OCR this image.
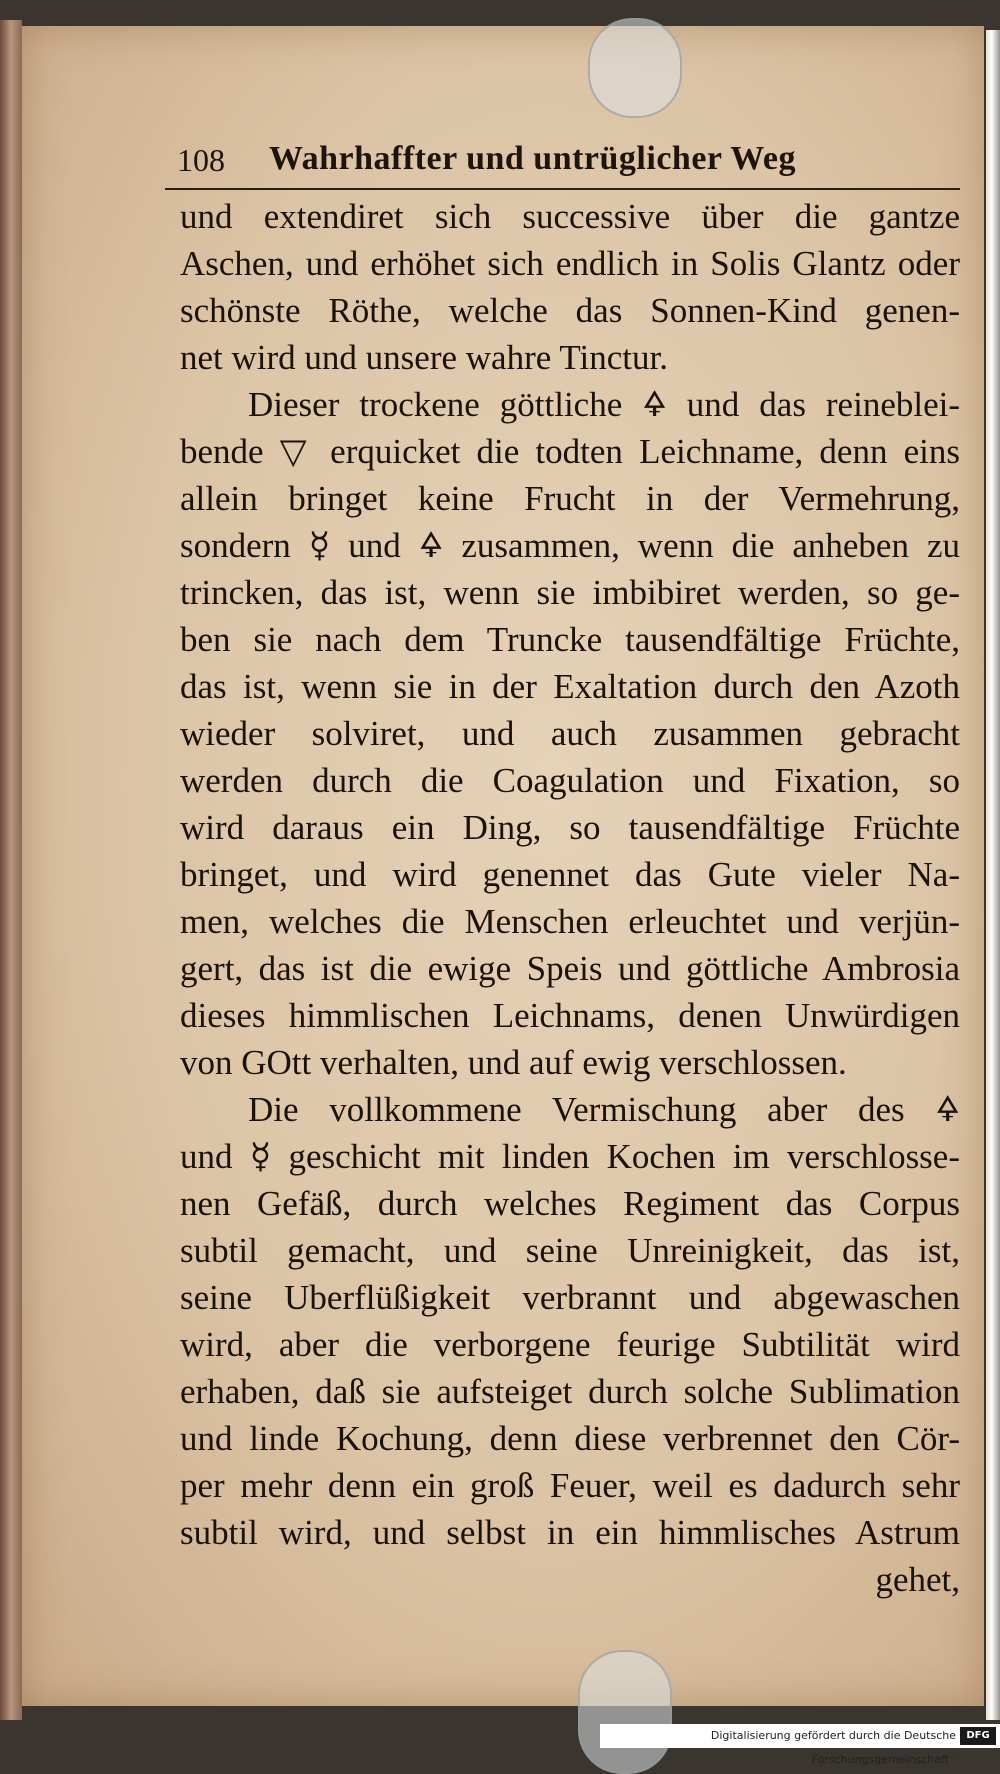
108 Wahrhaffter und untrüglicher Weg
und extendiret sich successive über die gantze
Aschen, und erhöhet sich endlich in Solis Glantz oder
schönste Röthe, welche das Sonnen-Kind genen-
net wird und unsere wahre Tinctur.
Dieser trockene göttliche 🜍 und das reineblei-
bende ▽ erquicket die todten Leichname, denn eins
allein bringet keine Frucht in der Vermehrung,
sondern ☿ und 🜍 zusammen, wenn die anheben zu
trincken, das ist, wenn sie imbibiret werden, so ge-
ben sie nach dem Truncke tausendfältige Früchte,
das ist, wenn sie in der Exaltation durch den Azoth
wieder solviret, und auch zusammen gebracht
werden durch die Coagulation und Fixation, so
wird daraus ein Ding, so tausendfältige Früchte
bringet, und wird genennet das Gute vieler Na-
men, welches die Menschen erleuchtet und verjün-
gert, das ist die ewige Speis und göttliche Ambrosia
dieses himmlischen Leichnams, denen Unwürdigen
von GOtt verhalten, und auf ewig verschlossen.
Die vollkommene Vermischung aber des 🜍
und ☿ geschicht mit linden Kochen im verschlosse-
nen Gefäß, durch welches Regiment das Corpus
subtil gemacht, und seine Unreinigkeit, das ist,
seine Uberflüßigkeit verbrannt und abgewaschen
wird, aber die verborgene feurige Subtilität wird
erhaben, daß sie aufsteiget durch solche Sublimation
und linde Kochung, denn diese verbrennet den Cör-
per mehr denn ein groß Feuer, weil es dadurch sehr
subtil wird, und selbst in ein himmlisches Astrum
gehet,
Digitalisierung gefördert durch die Deutsche Forschungsgemeinschaft ·
DFG
